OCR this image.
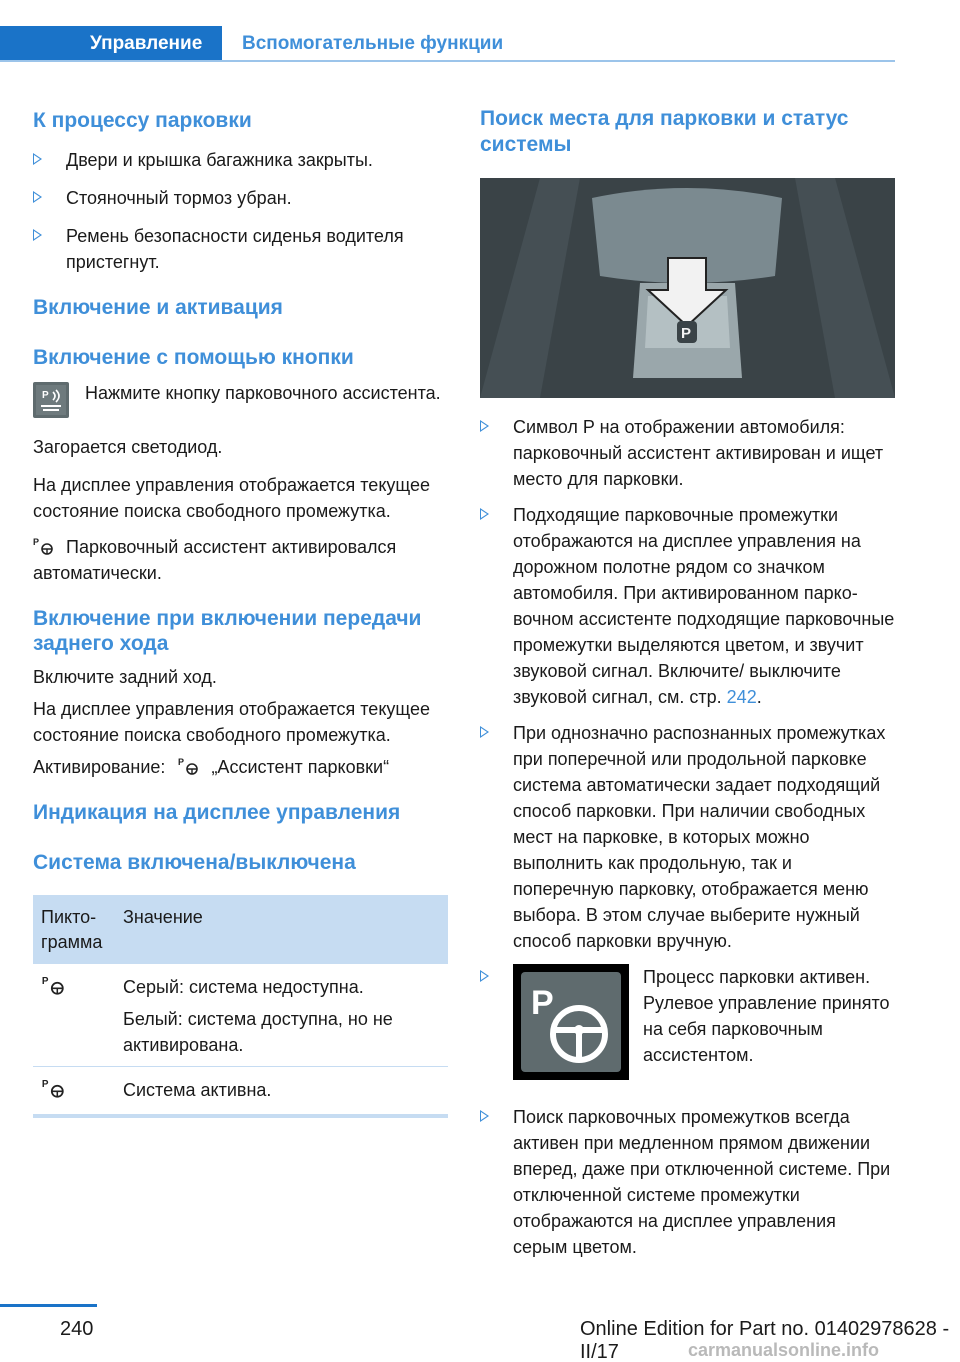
Управление	Вспомогательные функции
К процессу парковки
Двери и крышка багажника закрыты.
Стояночный тормоз убран.
Ремень безопасности сиденья водителя пристегнут.
Включение и активация
Включение с помощью кнопки
P	Нажмите кнопку парковочного ассистента.

Загорается светодиод.

На дисплее управления отображается текущее состояние поиска свободного промежутка.

P Парковочный ассистент активировался автоматически.

Включение при включении передачи заднего хода

Включите задний ход.

На дисплее управления отображается текущее состояние поиска свободного промежутка.

Активирование: P „Ассистент парковки“

Индикация на дисплее управления
Система включена/выключена
Пиктограмма	Значение

P	Серый: система недоступна.

Белый: система доступна, но не активирована.

P	Система активна.
Поиск места для парковки и статус системы
P
Символ P на отображении автомобиля: парковочный ассистент активирован и ищет место для парковки.
Подходящие парковочные промежутки отображаются на дисплее управления на дорожном полотне рядом со значком автомобиля. При активированном парковочном ассистенте подходящие парковочные промежутки выделяются цветом, и звучит звуковой сигнал. Включите/ выключите звуковой сигнал, см. стр. 242.
При однозначно распознанных промежутках при поперечной или продольной парковке система автоматически задает подходящий способ парковки. При наличии свободных мест на парковке, в которых можно выполнить как продольную, так и поперечную парковку, отображается меню выбора. В этом случае выберите нужный способ парковки вручную.
P
Процесс парковки активен. Рулевое управление принято на себя парковочным ассистентом.
Поиск парковочных промежутков всегда активен при медленном прямом движении вперед, даже при отключенной системе. При отключенной системе промежутки отображаются на дисплее управления серым цветом.
240	Online Edition for Part no. 01402978628 - II/17	carmanualsonline.info
